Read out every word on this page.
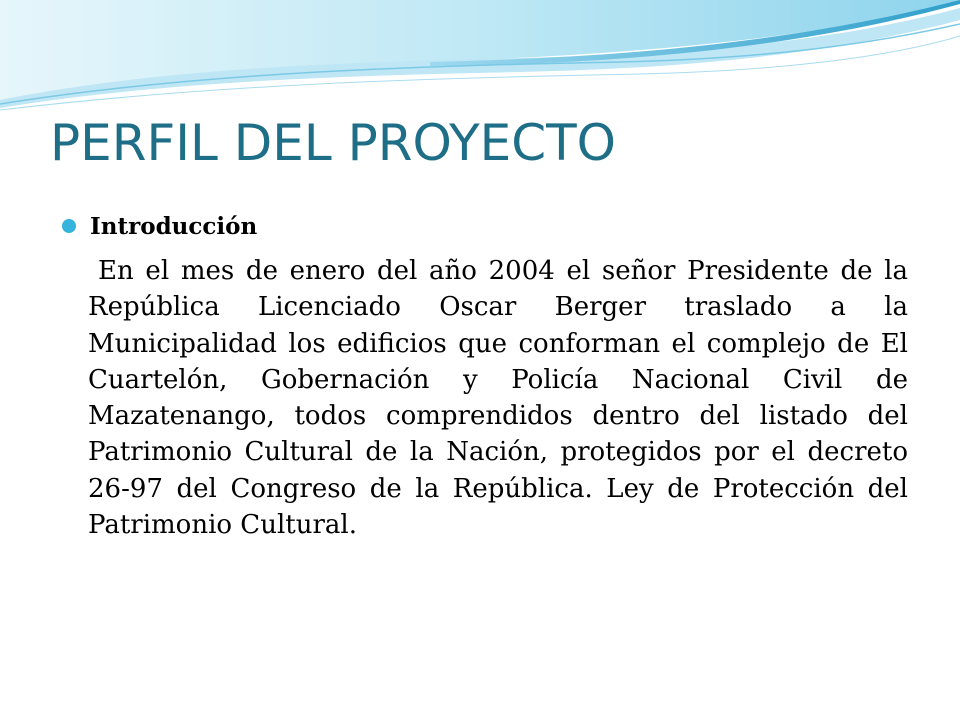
PERFIL DEL PROYECTO
Introducción

En el mes de enero del año 2004 el señor Presidente de la República Licenciado Oscar Berger traslado a la Municipalidad los edificios que conforman el complejo de El Cuartelón, Gobernación y Policía Nacional Civil de Mazatenango, todos comprendidos dentro del listado del Patrimonio Cultural de la Nación, protegidos por el decreto 26-97 del Congreso de la República. Ley de Protección del Patrimonio Cultural.
